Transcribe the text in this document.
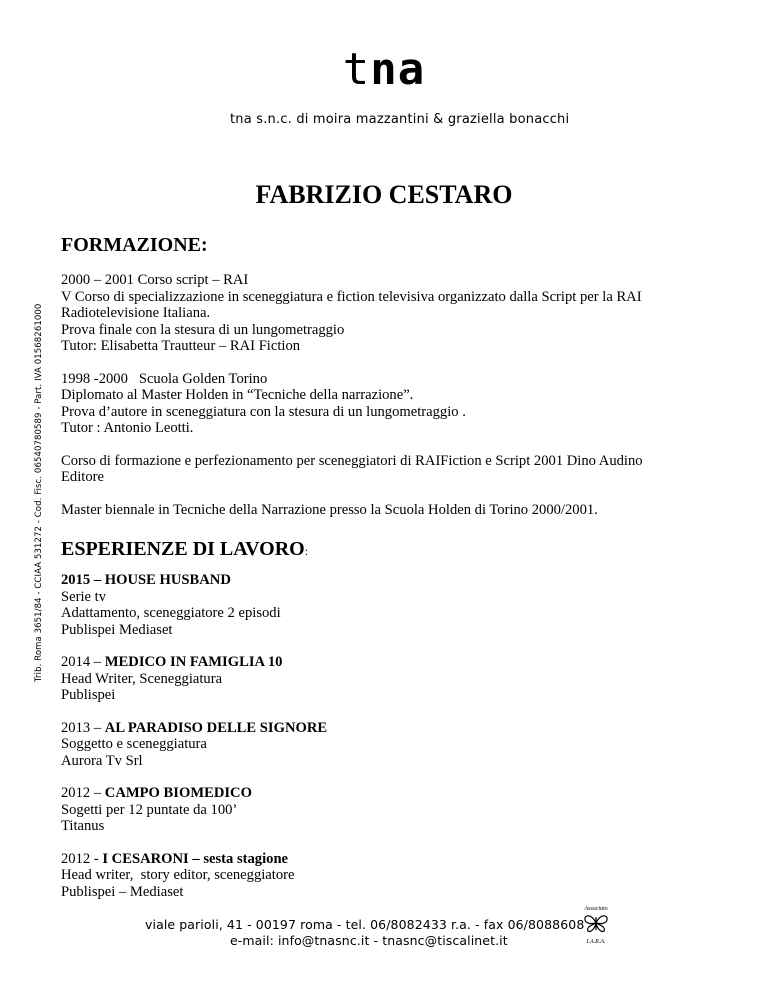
tna
tna s.n.c. di moira mazzantini & graziella bonacchi
Trib. Roma 3651/84 - CCIAA 531272 - Cod. Fisc. 06540780589 - Part. IVA 01568261000
FABRIZIO CESTARO
FORMAZIONE:
2000 – 2001 Corso script – RAI
V Corso di specializzazione in sceneggiatura e fiction televisiva organizzato dalla Script per la RAI
Radiotelevisione Italiana.
Prova finale con la stesura di un lungometraggio
Tutor: Elisabetta Trautteur – RAI Fiction
1998 -2000   Scuola Golden Torino
Diplomato al Master Holden in “Tecniche della narrazione”.
Prova d’autore in sceneggiatura con la stesura di un lungometraggio .
Tutor : Antonio Leotti.
Corso di formazione e perfezionamento per sceneggiatori di RAIFiction e Script 2001 Dino Audino
Editore
Master biennale in Tecniche della Narrazione presso la Scuola Holden di Torino 2000/2001.
ESPERIENZE DI LAVORO:
2015 – HOUSE HUSBAND
Serie tv
Adattamento, sceneggiatore 2 episodi
Publispei Mediaset
2014 – MEDICO IN FAMIGLIA 10
Head Writer, Sceneggiatura
Publispei
2013 – AL PARADISO DELLE SIGNORE
Soggetto e sceneggiatura
Aurora Tv Srl
2012 – CAMPO BIOMEDICO
Sogetti per 12 puntate da 100’
Titanus
2012 - I CESARONI – sesta stagione
Head writer,  story editor, sceneggiatore
Publispei – Mediaset
viale parioli, 41 - 00197 roma - tel. 06/8082433 r.a. - fax 06/8088608
e-mail: info@tnasnc.it - tnasnc@tiscalinet.it
Associato
I.A.R.A.
